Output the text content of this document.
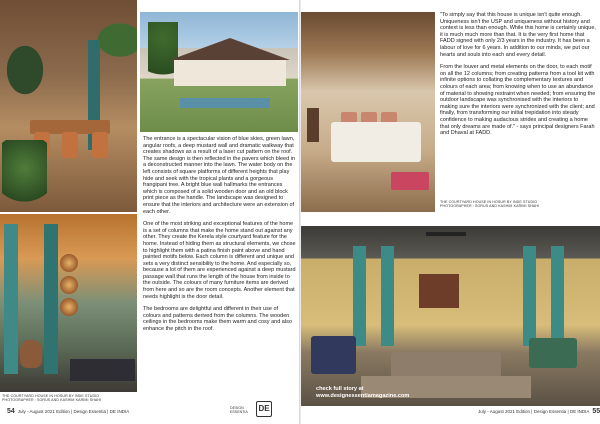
THE COURTYARD HOUSE IN HOSUR BY INDE STUDIO
PHOTOGRAPHER : SORUS AND KASHIM KARIMI SHAHI

The entrance is a spectacular vision of blue skies, green lawn, angular roofs, a deep mustard wall and dramatic walkway that creates shadows as a result of a laser cut pattern on the roof. The same design is then reflected in the pavers which bleed in a deconstructed manner into the lawn. The water body on the left consists of square platforms of different heights that play hide and seek with the tropical plants and a gorgeous frangipani tree. A bright blue wall hallmarks the entrances which is composed of a solid wooden door and an old block print piece as the handle. The landscape was designed to ensure that the interiors and architecture were an extension of each other.

One of the most striking and exceptional features of the home is a set of columns that make the home stand out against any other. They create the Kerela style courtyard feature for the home. Instead of hiding them as structural elements, we chose to highlight them with a patina finish paint above and hand painted motifs below. Each column is different and unique and sets a very distinct sensibility to the home. And especially so, because a lot of them are experienced against a deep mustard passage wall that runs the length of the house from inside to the outside. The colours of many furniture items are derived from here and so are the room concepts. Another element that needs highlight is the door detail.

The bedrooms are delightful and different in their use of colours and patterns derived from the columns. The wooden ceilings in the bedrooms make them warm and cosy and also enhance the pitch in the roof.

DESIGN
ESSENTIA	DE
54 July - August 2021 Edition | Design Essentia | DE INDIA
check full story at
www.designessentiamagazine.com

"To simply say that this house is unique isn't quite enough. Uniqueness isn't the USP and uniqueness without history and context is less than enough. While this home is certainly unique, it is much much more than that. It is the very first home that FADD signed with only 2/3 years in the industry. It has been a labour of love for 6 years. In addition to our minds, we put our hearts and souls into each and every detail.

From the louver and metal elements on the door, to each motif on all the 12 columns; from creating patterns from a tool kit with infinite options to collating the complementary textures and colours of each area; from knowing when to use an abundance of material to showing restraint when needed; from ensuring the outdoor landscape was synchronised with the interiors to making sure the interiors were synchronized with the client; and finally, from transforming our initial trepidation into steady confidence to making audacious strides and creating a home that only dreams are made of." - says principal designers Farah and Dhaval at FADD.

THE COURTYARD HOUSE IN HOSUR BY INDE STUDIO
PHOTOGRAPHER : SORUS AND KASHIM KARIMI SHAHI
July - August 2021 Edition | Design Essentia | DE INDIA 55
